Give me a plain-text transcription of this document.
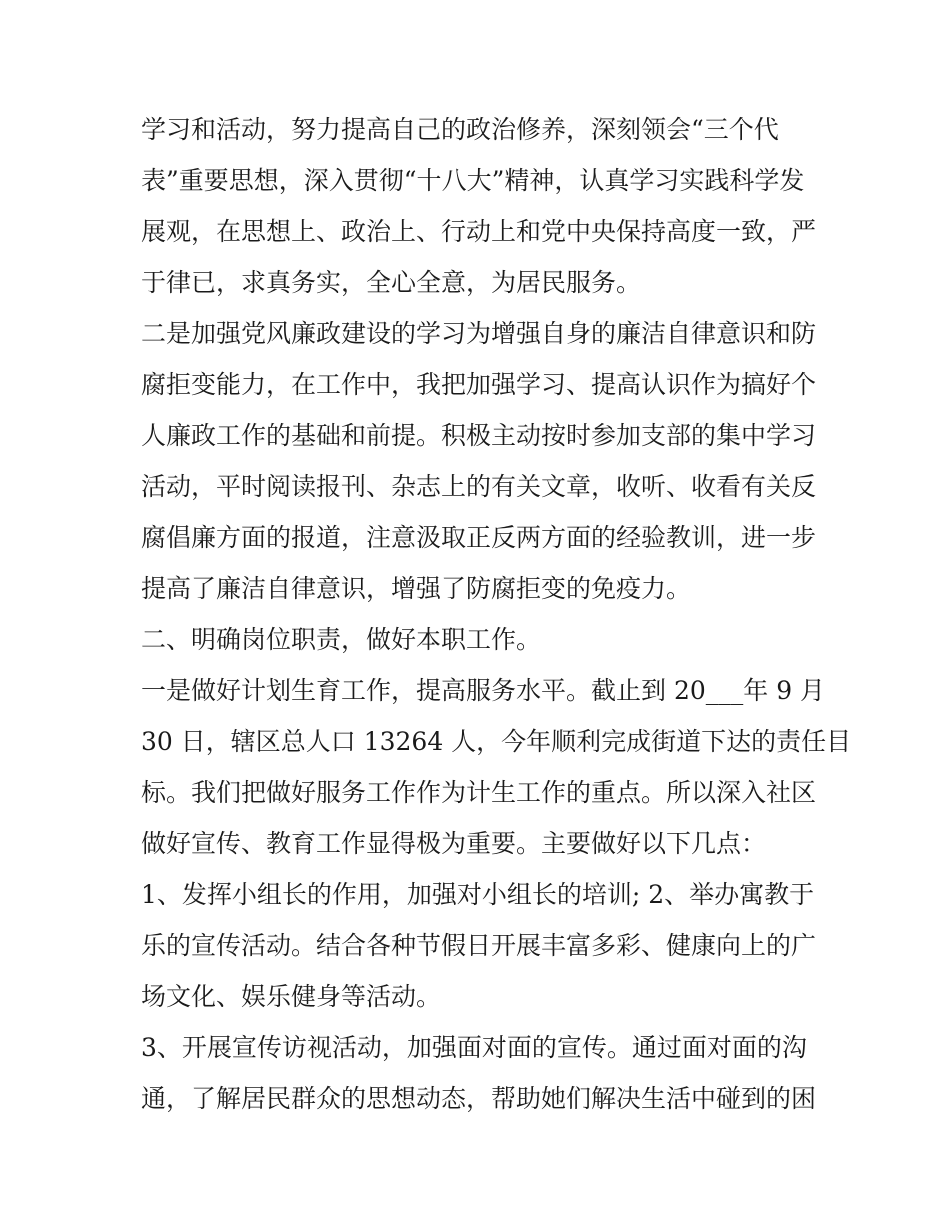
学习和活动，努力提高自己的政治修养，深刻领会“三个代
表”重要思想，深入贯彻“十八大”精神，认真学习实践科学发
展观，在思想上、政治上、行动上和党中央保持高度一致，严
于律已，求真务实，全心全意，为居民服务。
二是加强党风廉政建设的学习为增强自身的廉洁自律意识和防
腐拒变能力，在工作中，我把加强学习、提高认识作为搞好个
人廉政工作的基础和前提。积极主动按时参加支部的集中学习
活动，平时阅读报刊、杂志上的有关文章，收听、收看有关反
腐倡廉方面的报道，注意汲取正反两方面的经验教训，进一步
提高了廉洁自律意识，增强了防腐拒变的免疫力。
二、明确岗位职责，做好本职工作。
一是做好计划生育工作，提高服务水平。截止到 20___年 9 月
30 日，辖区总人口 13264 人，今年顺利完成街道下达的责任目
标。我们把做好服务工作作为计生工作的重点。所以深入社区
做好宣传、教育工作显得极为重要。主要做好以下几点：
1、发挥小组长的作用，加强对小组长的培训; 2、举办寓教于
乐的宣传活动。结合各种节假日开展丰富多彩、健康向上的广
场文化、娱乐健身等活动。
3、开展宣传访视活动，加强面对面的宣传。通过面对面的沟
通，了解居民群众的思想动态，帮助她们解决生活中碰到的困
